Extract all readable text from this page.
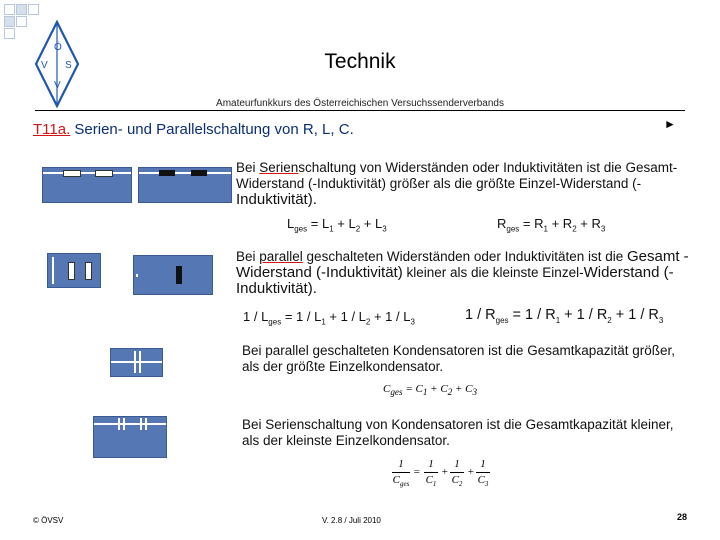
Ö
V S
V
Technik
Amateurfunkkurs des Österreichischen Versuchssenderverbands
T11a. Serien- und Parallelschaltung von R, L, C.	►
Bei Serienschaltung von Widerständen oder Induktivitäten ist die Gesamt-Widerstand (-Induktivität) größer als die größte Einzel-Widerstand (-
Induktivität).
$L_{ges} = L_1 + L_2 + L_3$	$R_{ges} = R_1 + R_2 + R_3$
Bei parallel geschalteten Widerständen oder Induktivitäten ist die Gesamt -Widerstand (-Induktivität) kleiner als die kleinste Einzel-Widerstand (-Induktivität).
$1 / L_{ges} = 1 / L_1 + 1 / L_2 + 1 / L_3$	$1 / R_{ges} = 1 / R_1 + 1 / R_2 + 1 / R_3$
Bei parallel geschalteten Kondensatoren ist die Gesamtkapazität größer, als der größte Einzelkondensator.
$C_{ges} = C_1 + C_2 + C_3$
Bei Serienschaltung von Kondensatoren ist die Gesamtkapazität kleiner, als der kleinste Einzelkondensator.
1
$C_{ges}$
=
1
$C_1$
+
1
$C_2$
+
1
$C_3$
© ÖVSV	V. 2.8 / Juli 2010	28
